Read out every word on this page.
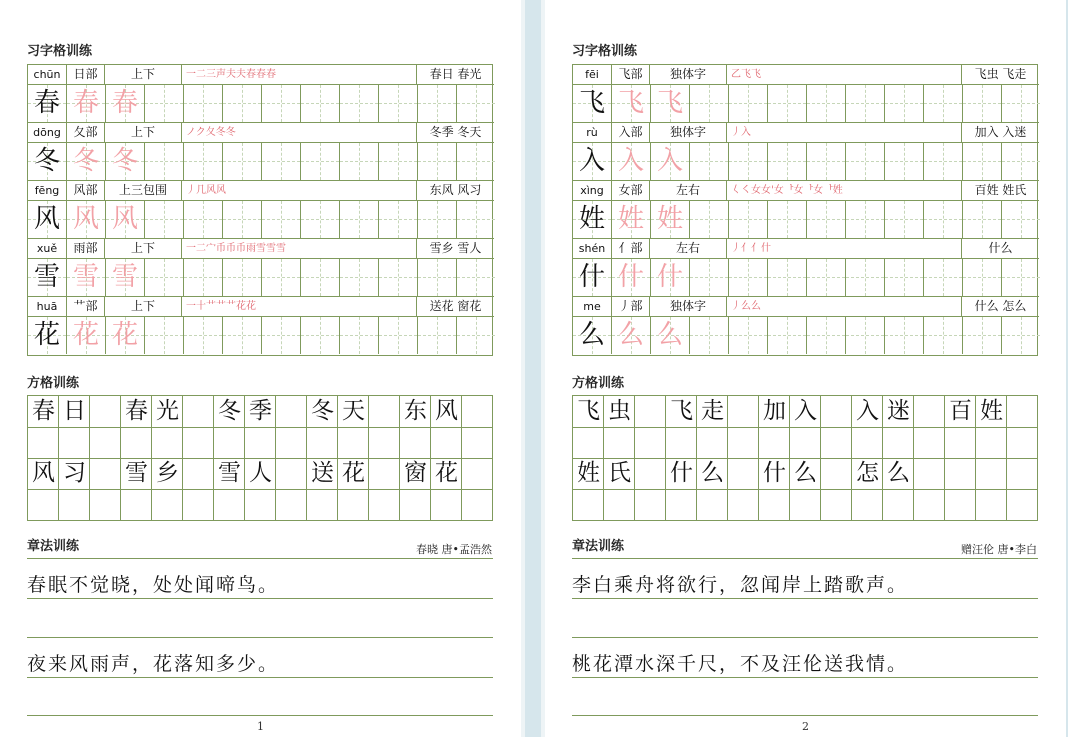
习字格训练
chūn	日部	上下	一二三声夫夫春春春	春日 春光
春 春 春
dōng	夂部	上下	ノク夂冬冬	冬季 冬天
冬 冬 冬
fēng	风部	上三包围	丿几风风	东风 风习
风 风 风
xuě	雨部	上下	一二宀币币币雨雪雪雪	雪乡 雪人
雪 雪 雪
huā	艹部	上下	一十艹艹艹花花	送花 窗花
花 花 花
方格训练
春 日 春 光 冬 季 冬 天 东 风
风 习 雪 乡 雪 人 送 花 窗 花
章法训练	春晓 唐•孟浩然
春眠不觉晓，处处闻啼鸟。
夜来风雨声，花落知多少。
1
习字格训练
fēi	飞部	独体字	乙飞飞	飞虫 飞走
飞 飞 飞
rù	入部	独体字	丿入	加入 入迷
入 入 入
xìng	女部	左右	𡿨㇛女女'女ᅡ女ᅡ女ᅡ姓	百姓 姓氏
姓 姓 姓
shén	亻部	左右	丿亻亻什	什么
什 什 什
me	丿部	独体字	丿么么	什么 怎么
么 么 么
方格训练
飞 虫 飞 走 加 入 入 迷 百 姓
姓 氏 什 么 什 么 怎 么
章法训练	赠汪伦 唐•李白
李白乘舟将欲行，忽闻岸上踏歌声。
桃花潭水深千尺，不及汪伦送我情。
2
